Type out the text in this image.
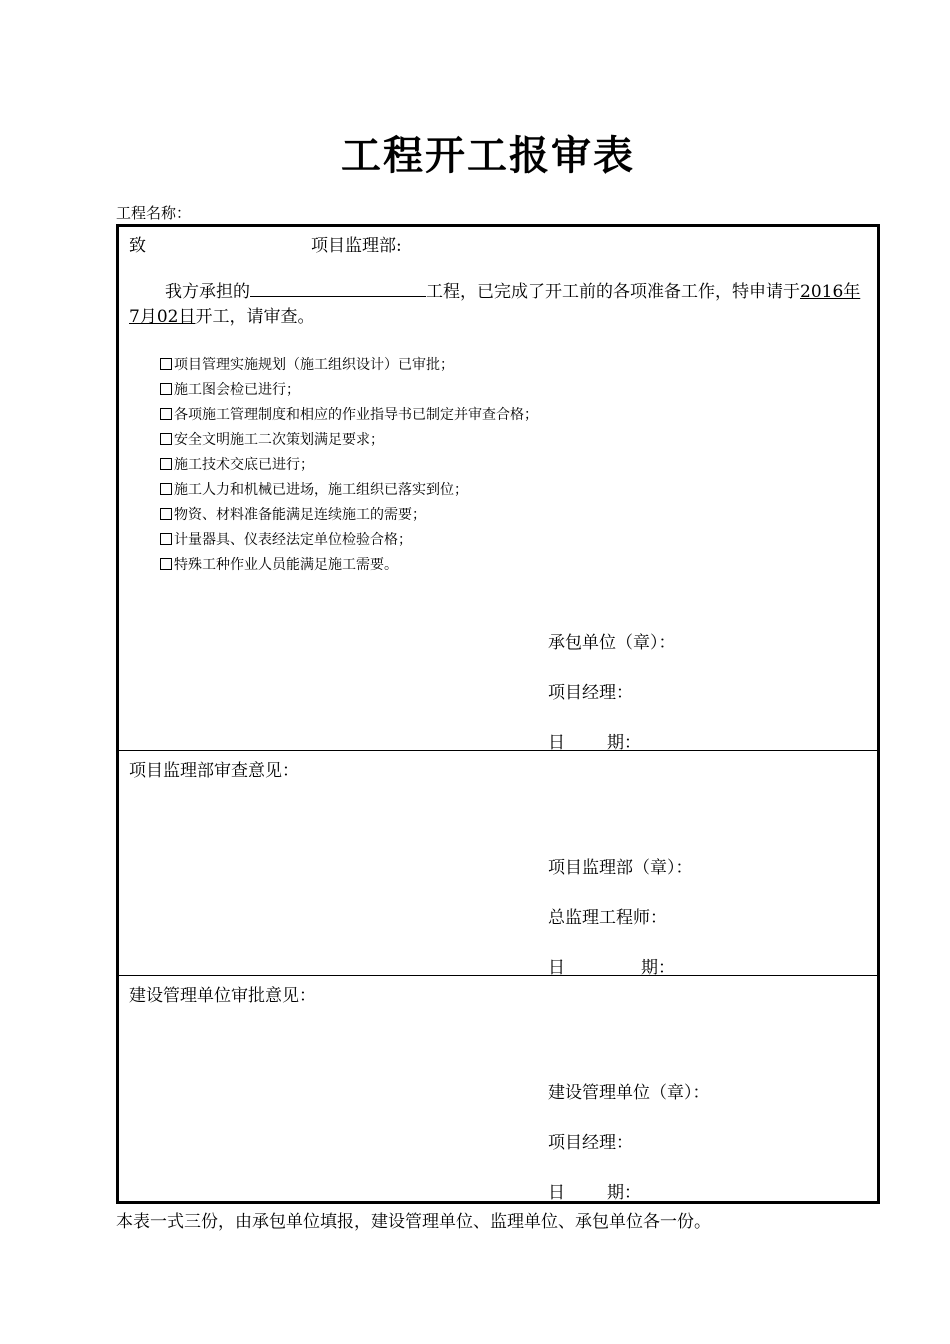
工程开工报审表
工程名称：
致	项目监理部:
我方承担的	工程，已完成了开工前的各项准备工作，特申请于2016年 7月02日开工，请审查。
项目管理实施规划（施工组织设计）已审批；
施工图会检已进行；
各项施工管理制度和相应的作业指导书已制定并审查合格；
安全文明施工二次策划满足要求；
施工技术交底已进行；
施工人力和机械已进场，施工组织已落实到位；
物资、材料准备能满足连续施工的需要；
计量器具、仪表经法定单位检验合格；
特殊工种作业人员能满足施工需要。
承包单位（章）：
项目经理：
日 期：
项目监理部审查意见：
项目监理部（章）：
总监理工程师：
日	期：
建设管理单位审批意见：
建设管理单位（章）：
项目经理：
日 期：
本表一式三份，由承包单位填报，建设管理单位、监理单位、承包单位各一份。
